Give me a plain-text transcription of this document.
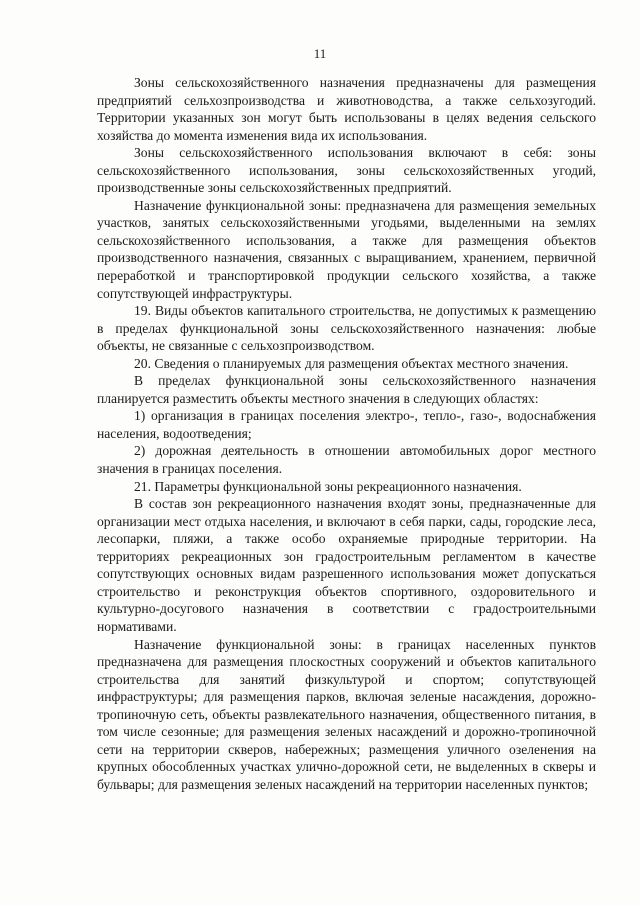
11

Зоны сельскохозяйственного назначения предназначены для размещения предприятий сельхозпроизводства и животноводства, а также сельхозугодий. Территории указанных зон могут быть использованы в целях ведения сельского хозяйства до момента изменения вида их использования.

Зоны сельскохозяйственного использования включают в себя: зоны сельскохозяйственного использования, зоны сельскохозяйственных угодий, производственные зоны сельскохозяйственных предприятий.

Назначение функциональной зоны: предназначена для размещения земельных участков, занятых сельскохозяйственными угодьями, выделенными на землях сельскохозяйственного использования, а также для размещения объектов производственного назначения, связанных с выращиванием, хранением, первичной переработкой и транспортировкой продукции сельского хозяйства, а также сопутствующей инфраструктуры.

19. Виды объектов капитального строительства, не допустимых к размещению в пределах функциональной зоны сельскохозяйственного назначения: любые объекты, не связанные с сельхозпроизводством.

20. Сведения о планируемых для размещения объектах местного значения.

В пределах функциональной зоны сельскохозяйственного назначения планируется разместить объекты местного значения в следующих областях:

1) организация в границах поселения электро-, тепло-, газо-, водоснабжения населения, водоотведения;

2) дорожная деятельность в отношении автомобильных дорог местного значения в границах поселения.

21. Параметры функциональной зоны рекреационного назначения.

В состав зон рекреационного назначения входят зоны, предназначенные для организации мест отдыха населения, и включают в себя парки, сады, городские леса, лесопарки, пляжи, а также особо охраняемые природные территории. На территориях рекреационных зон градостроительным регламентом в качестве сопутствующих основных видам разрешенного использования может допускаться строительство и реконструкция объектов спортивного, оздоровительного и культурно-досугового назначения в соответствии с градостроительными нормативами.

Назначение функциональной зоны: в границах населенных пунктов предназначена для размещения плоскостных сооружений и объектов капитального строительства для занятий физкультурой и спортом; сопутствующей инфраструктуры; для размещения парков, включая зеленые насаждения, дорожно-тропиночную сеть, объекты развлекательного назначения, общественного питания, в том числе сезонные; для размещения зеленых насаждений и дорожно-тропиночной сети на территории скверов, набережных; размещения уличного озеленения на крупных обособленных участках улично-дорожной сети, не выделенных в скверы и бульвары; для размещения зеленых насаждений на территории населенных пунктов;
